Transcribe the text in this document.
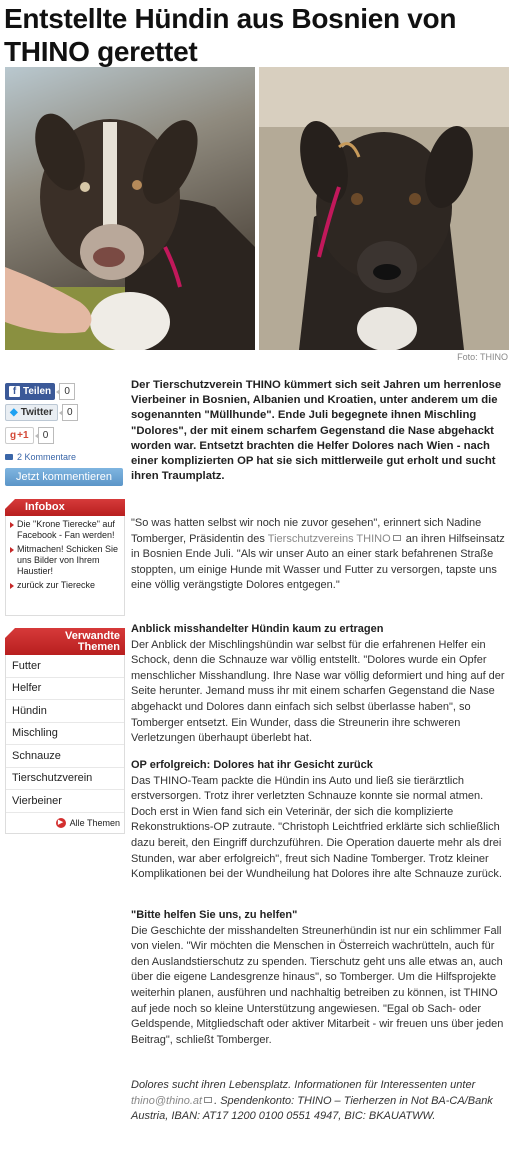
Entstellte Hündin aus Bosnien von THINO gerettet
Foto: THINO
f Teilen	0
◆ Twitter	0
g +1	0
2 Kommentare
Jetzt kommentieren
Infobox
Die "Krone Tierecke" auf Facebook - Fan werden!
Mitmachen! Schicken Sie uns Bilder von Ihrem Haustier!
zurück zur Tierecke
Verwandte
Themen
Futter
Helfer
Hündin
Mischling
Schnauze
Tierschutzverein
Vierbeiner
▶ Alle Themen
Der Tierschutzverein THINO kümmert sich seit Jahren um herrenlose Vierbeiner in Bosnien, Albanien und Kroatien, unter anderem um die sogenannten "Müllhunde". Ende Juli begegnete ihnen Mischling "Dolores", der mit einem scharfem Gegenstand die Nase abgehackt worden war. Entsetzt brachten die Helfer Dolores nach Wien - nach einer komplizierten OP hat sie sich mittlerweile gut erholt und sucht ihren Traumplatz.
"So was hatten selbst wir noch nie zuvor gesehen", erinnert sich Nadine Tomberger, Präsidentin des Tierschutzvereins THINO an ihren Hilfseinsatz in Bosnien Ende Juli. "Als wir unser Auto an einer stark befahrenen Straße stoppten, um einige Hunde mit Wasser und Futter zu versorgen, tapste uns eine völlig verängstigte Dolores entgegen."
Anblick misshandelter Hündin kaum zu ertragen
Der Anblick der Mischlingshündin war selbst für die erfahrenen Helfer ein Schock, denn die Schnauze war völlig entstellt. "Dolores wurde ein Opfer menschlicher Misshandlung. Ihre Nase war völlig deformiert und hing auf der Seite herunter. Jemand muss ihr mit einem scharfen Gegenstand die Nase abgehackt und Dolores dann einfach sich selbst überlasse haben", so Tomberger entsetzt. Ein Wunder, dass die Streunerin ihre schweren Verletzungen überhaupt überlebt hat.
OP erfolgreich: Dolores hat ihr Gesicht zurück
Das THINO-Team packte die Hündin ins Auto und ließ sie tierärztlich erstversorgen. Trotz ihrer verletzten Schnauze konnte sie normal atmen. Doch erst in Wien fand sich ein Veterinär, der sich die komplizierte Rekonstruktions-OP zutraute. "Christoph Leichtfried erklärte sich schließlich dazu bereit, den Eingriff durchzuführen. Die Operation dauerte mehr als drei Stunden, war aber erfolgreich", freut sich Nadine Tomberger. Trotz kleiner Komplikationen bei der Wundheilung hat Dolores ihre alte Schnauze zurück.
"Bitte helfen Sie uns, zu helfen"
Die Geschichte der misshandelten Streunerhündin ist nur ein schlimmer Fall von vielen. "Wir möchten die Menschen in Österreich wachrütteln, auch für den Auslandstierschutz zu spenden. Tierschutz geht uns alle etwas an, auch über die eigene Landesgrenze hinaus", so Tomberger. Um die Hilfsprojekte weiterhin planen, ausführen und nachhaltig betreiben zu können, ist THINO auf jede noch so kleine Unterstützung angewiesen. "Egal ob Sach- oder Geldspende, Mitgliedschaft oder aktiver Mitarbeit - wir freuen uns über jeden Beitrag", schließt Tomberger.
Dolores sucht ihren Lebensplatz. Informationen für Interessenten unter thino@thino.at . Spendenkonto: THINO – Tierherzen in Not BA-CA/Bank Austria, IBAN: AT17 1200 0100 0551 4947, BIC: BKAUATWW.
